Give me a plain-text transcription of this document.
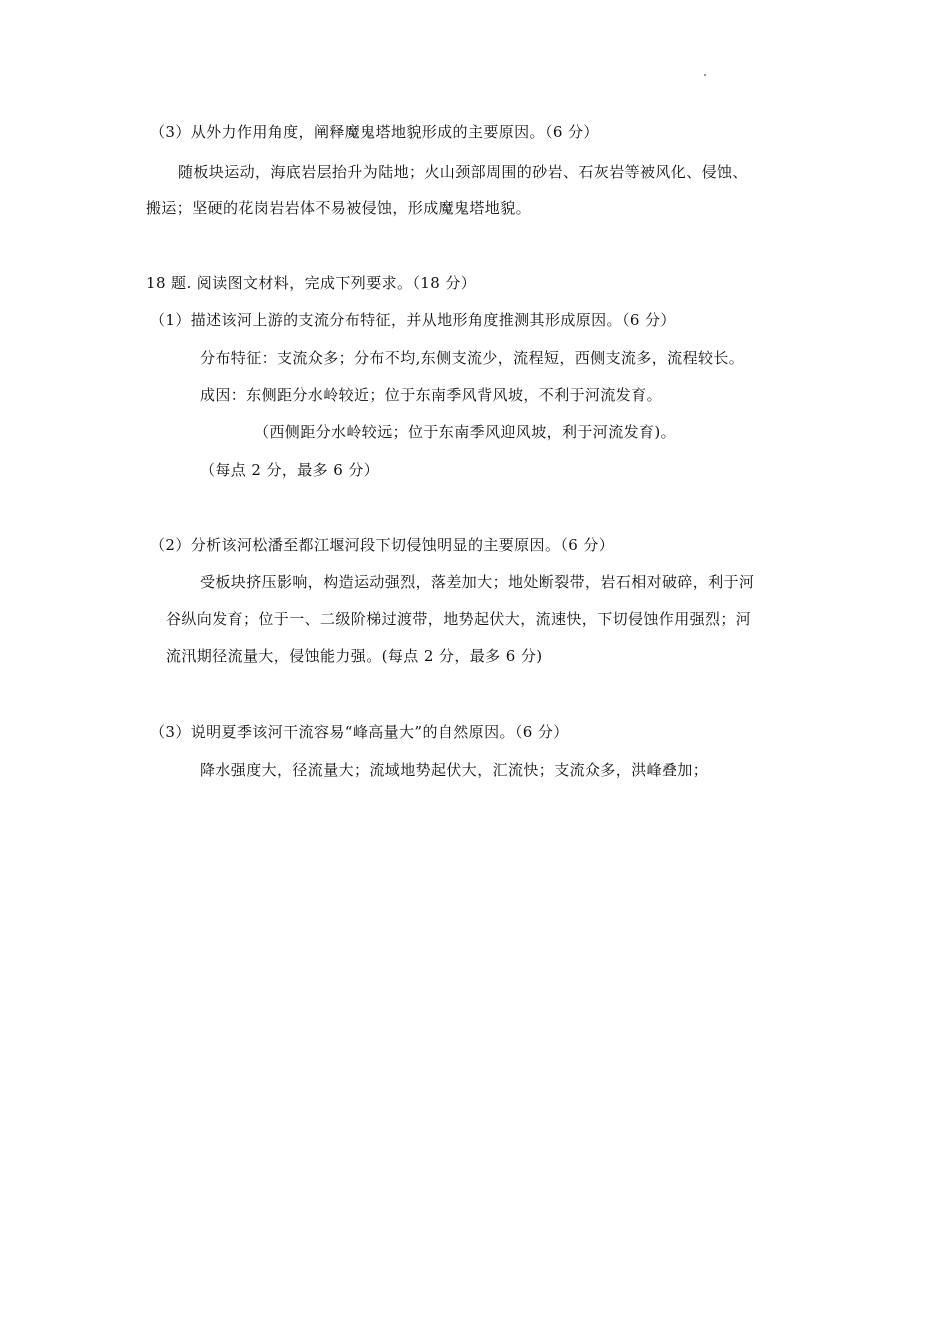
（3）从外力作用角度，阐释魔鬼塔地貌形成的主要原因。（6 分）
随板块运动，海底岩层抬升为陆地；火山颈部周围的砂岩、石灰岩等被风化、侵蚀、
搬运；坚硬的花岗岩岩体不易被侵蚀，形成魔鬼塔地貌。
18 题. 阅读图文材料，完成下列要求。（18 分）
（1）描述该河上游的支流分布特征，并从地形角度推测其形成原因。（6 分）
分布特征：支流众多；分布不均,东侧支流少，流程短，西侧支流多，流程较长。
成因：东侧距分水岭较近；位于东南季风背风坡，不利于河流发育。
（西侧距分水岭较远；位于东南季风迎风坡，利于河流发育)。
（每点 2 分，最多 6 分）
（2）分析该河松潘至都江堰河段下切侵蚀明显的主要原因。（6 分）
受板块挤压影响，构造运动强烈，落差加大；地处断裂带，岩石相对破碎，利于河
谷纵向发育；位于一、二级阶梯过渡带，地势起伏大，流速快，下切侵蚀作用强烈；河
流汛期径流量大，侵蚀能力强。(每点 2 分，最多 6 分)
（3）说明夏季该河干流容易“峰高量大”的自然原因。（6 分）
降水强度大，径流量大；流域地势起伏大，汇流快；支流众多，洪峰叠加；
